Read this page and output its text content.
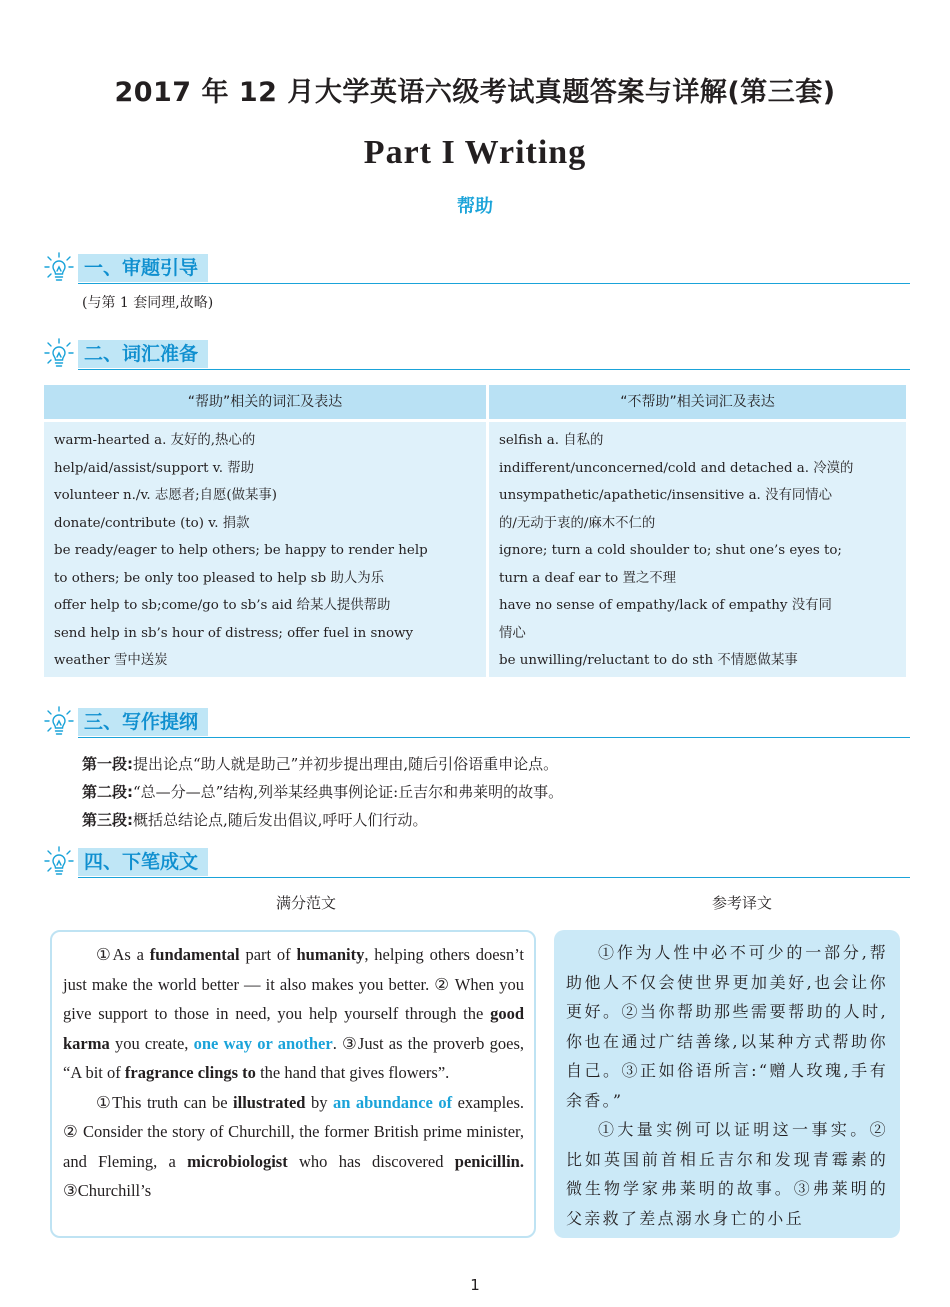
2017 年 12 月大学英语六级考试真题答案与详解(第三套)
Part I Writing
帮助
一、审题引导
(与第 1 套同理,故略)
二、词汇准备
“帮助”相关的词汇及表达
warm-hearted a. 友好的,热心的
help/aid/assist/support v. 帮助
volunteer n./v. 志愿者;自愿(做某事)
donate/contribute (to) v. 捐款
be ready/eager to help others; be happy to render help
to others; be only too pleased to help sb 助人为乐
offer help to sb;come/go to sb’s aid 给某人提供帮助
send help in sb’s hour of distress; offer fuel in snowy
weather 雪中送炭
“不帮助”相关词汇及表达
selfish a. 自私的
indifferent/unconcerned/cold and detached a. 冷漠的
unsympathetic/apathetic/insensitive a. 没有同情心
的/无动于衷的/麻木不仁的
ignore; turn a cold shoulder to; shut one’s eyes to;
turn a deaf ear to 置之不理
have no sense of empathy/lack of empathy 没有同
情心
be unwilling/reluctant to do sth 不情愿做某事
三、写作提纲
第一段:提出论点“助人就是助己”并初步提出理由,随后引俗语重申论点。
第二段:“总—分—总”结构,列举某经典事例论证:丘吉尔和弗莱明的故事。
第三段:概括总结论点,随后发出倡议,呼吁人们行动。
四、下笔成文
满分范文	参考译文

①As a fundamental part of humanity, helping others doesn’t just make the world better — it also makes you better. ② When you give support to those in need, you help yourself through the good karma you create, one way or another. ③Just as the proverb goes, “A bit of fragrance clings to the hand that gives flowers”.

①This truth can be illustrated by an abundance of examples. ② Consider the story of Churchill, the former British prime minister, and Fleming, a microbiologist who has discovered penicillin. ③Churchill’s

①作为人性中必不可少的一部分,帮助他人不仅会使世界更加美好,也会让你更好。②当你帮助那些需要帮助的人时,你也在通过广结善缘,以某种方式帮助你自己。③正如俗语所言:“赠人玫瑰,手有余香。”

①大量实例可以证明这一事实。②比如英国前首相丘吉尔和发现青霉素的微生物学家弗莱明的故事。③弗莱明的父亲救了差点溺水身亡的小丘

1
